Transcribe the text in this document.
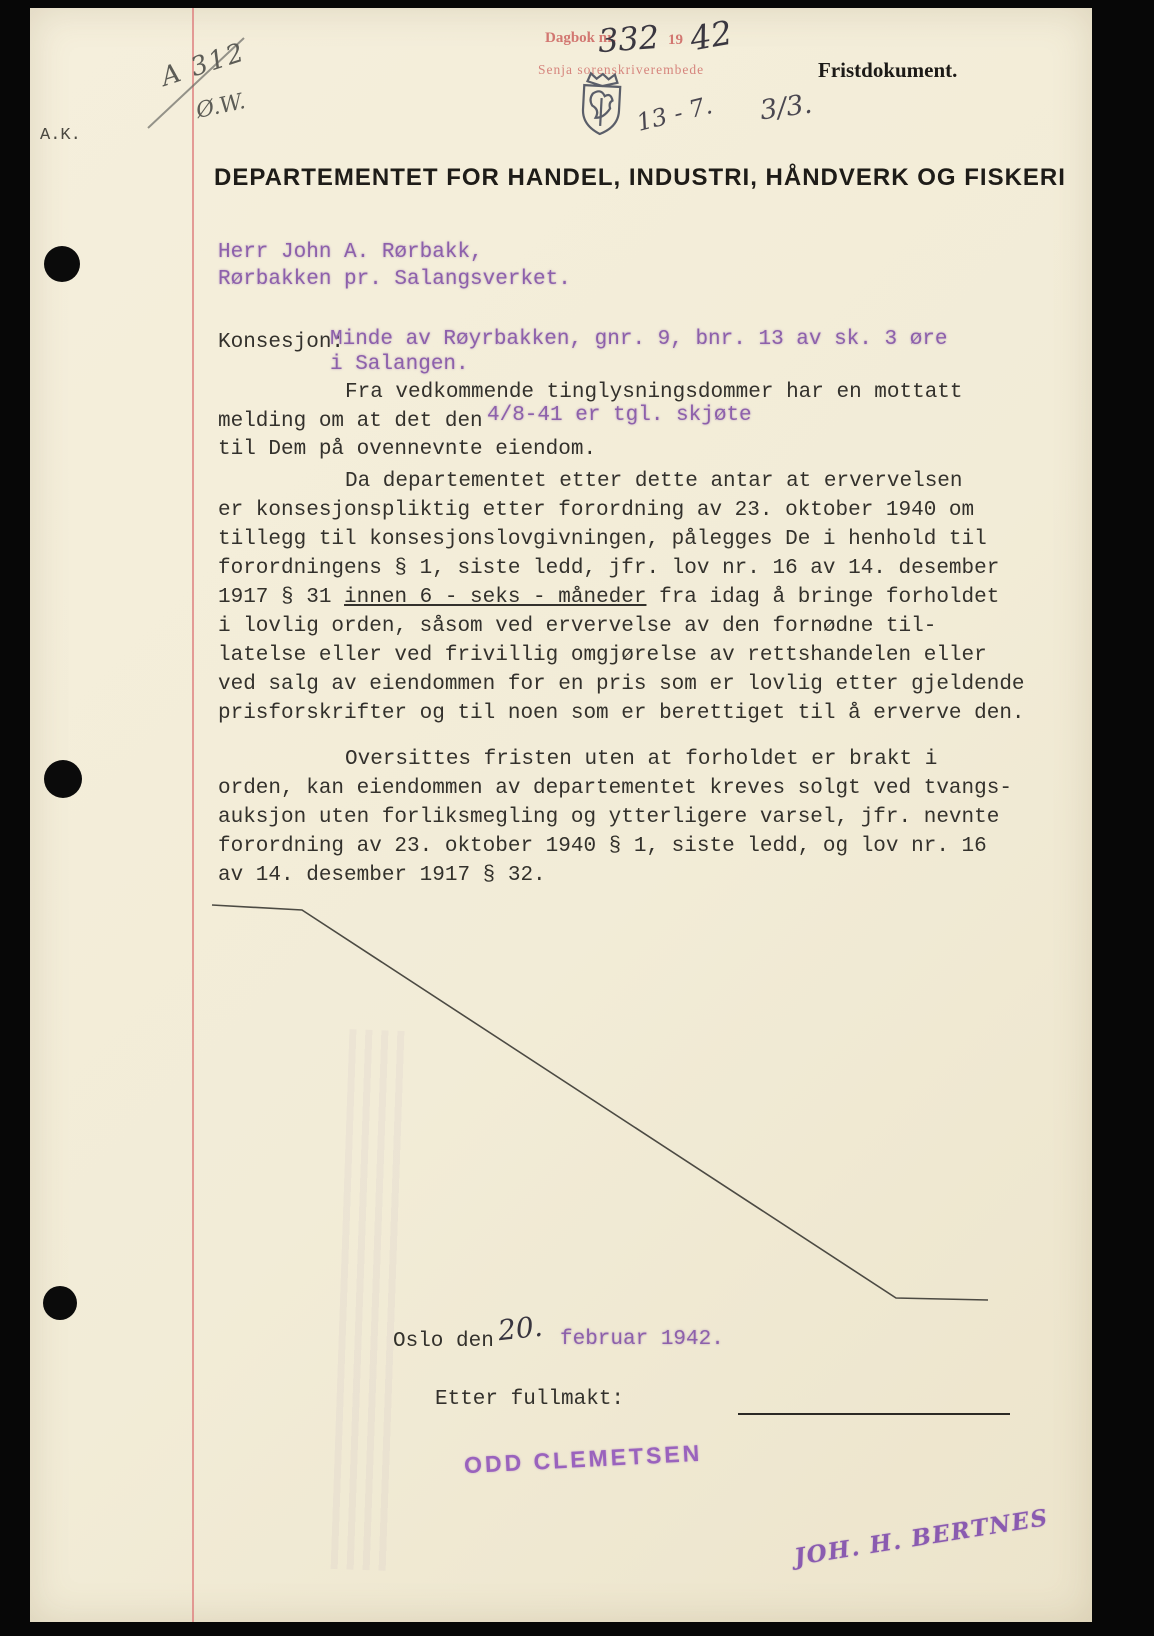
A 312
Ø.W.
A.K.
Dagbok nr.
332 19 42
Senja sorenskriverembede
13 - 7. 3/3.
Fristdokument.
DEPARTEMENTET FOR HANDEL, INDUSTRI, HÅNDVERK OG FISKERI
Herr John A. Rørbakk,
Rørbakken pr. Salangsverket.
Konsesjon:
Minde av Røyrbakken, gnr. 9, bnr. 13 av sk. 3 øre
i Salangen.
Fra vedkommende tinglysningsdommer har en mottatt
melding om at det den 4/8-41 er tgl. skjøte
til Dem på ovennevnte eiendom.
Da departementet etter dette antar at ervervelsen
er konsesjonspliktig etter forordning av 23. oktober 1940 om
tillegg til konsesjonslovgivningen, pålegges De i henhold til
forordningens § 1, siste ledd, jfr. lov nr. 16 av 14. desember
1917 § 31 innen 6 - seks - måneder fra idag å bringe forholdet
i lovlig orden, såsom ved ervervelse av den fornødne til-
latelse eller ved frivillig omgjørelse av rettshandelen eller
ved salg av eiendommen for en pris som er lovlig etter gjeldende
prisforskrifter og til noen som er berettiget til å erverve den.
Oversittes fristen uten at forholdet er brakt i
orden, kan eiendommen av departementet kreves solgt ved tvangs-
auksjon uten forliksmegling og ytterligere varsel, jfr. nevnte
forordning av 23. oktober 1940 § 1, siste ledd, og lov nr. 16
av 14. desember 1917 § 32.
Oslo den 20. februar 1942.
Etter fullmakt:
ODD CLEMETSEN
JOH. H. BERTNES
